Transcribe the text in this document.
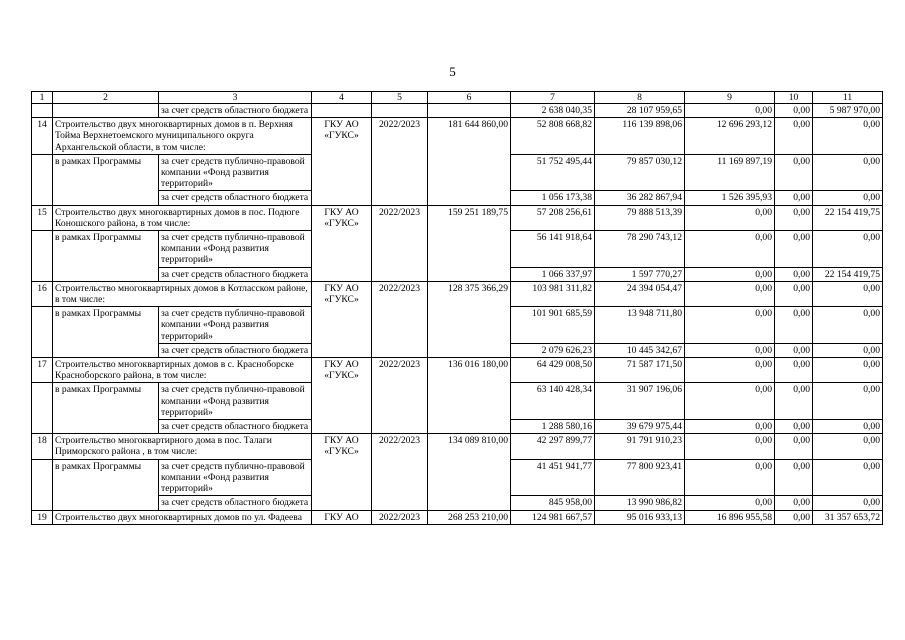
5
1	2	3	4	5	6	7	8	9	10	11
		за счет средств областного бюджета				2 638 040,35	28 107 959,65	0,00	0,00	5 987 970,00
14	Строительство двух многоквартирных домов в п. Верхняя Тойма Верхнетоемского муниципального округа Архангельской области, в том числе:		ГКУ АО «ГУКС»	2022/2023	181 644 860,00	52 808 668,82	116 139 898,06	12 696 293,12	0,00	0,00
	в рамках Программы	за счет средств публично-правовой компании «Фонд развития территорий»				51 752 495,44	79 857 030,12	11 169 897,19	0,00	0,00
		за счет средств областного бюджета				1 056 173,38	36 282 867,94	1 526 395,93	0,00	0,00
15	Строительство двух многоквартирных домов в пос. Подюге Коношского района, в том числе:		ГКУ АО «ГУКС»	2022/2023	159 251 189,75	57 208 256,61	79 888 513,39	0,00	0,00	22 154 419,75
	в рамках Программы	за счет средств публично-правовой компании «Фонд развития территорий»				56 141 918,64	78 290 743,12	0,00	0,00	0,00
		за счет средств областного бюджета				1 066 337,97	1 597 770,27	0,00	0,00	22 154 419,75
16	Строительство многоквартирных домов в Котласском районе, в том числе:		ГКУ АО «ГУКС»	2022/2023	128 375 366,29	103 981 311,82	24 394 054,47	0,00	0,00	0,00
	в рамках Программы	за счет средств публично-правовой компании «Фонд развития территорий»				101 901 685,59	13 948 711,80	0,00	0,00	0,00
		за счет средств областного бюджета				2 079 626,23	10 445 342,67	0,00	0,00	0,00
17	Строительство многоквартирных домов в с. Красноборске Красноборского района, в том числе:		ГКУ АО «ГУКС»	2022/2023	136 016 180,00	64 429 008,50	71 587 171,50	0,00	0,00	0,00
	в рамках Программы	за счет средств публично-правовой компании «Фонд развития территорий»				63 140 428,34	31 907 196,06	0,00	0,00	0,00
		за счет средств областного бюджета				1 288 580,16	39 679 975,44	0,00	0,00	0,00
18	Строительство многоквартирного дома в пос. Талаги Приморского района , в том числе:		ГКУ АО «ГУКС»	2022/2023	134 089 810,00	42 297 899,77	91 791 910,23	0,00	0,00	0,00
	в рамках Программы	за счет средств публично-правовой компании «Фонд развития территорий»				41 451 941,77	77 800 923,41	0,00	0,00	0,00
		за счет средств областного бюджета				845 958,00	13 990 986,82	0,00	0,00	0,00
19	Строительство двух многоквартирных домов по ул. Фадеева		ГКУ АО	2022/2023	268 253 210,00	124 981 667,57	95 016 933,13	16 896 955,58	0,00	31 357 653,72
